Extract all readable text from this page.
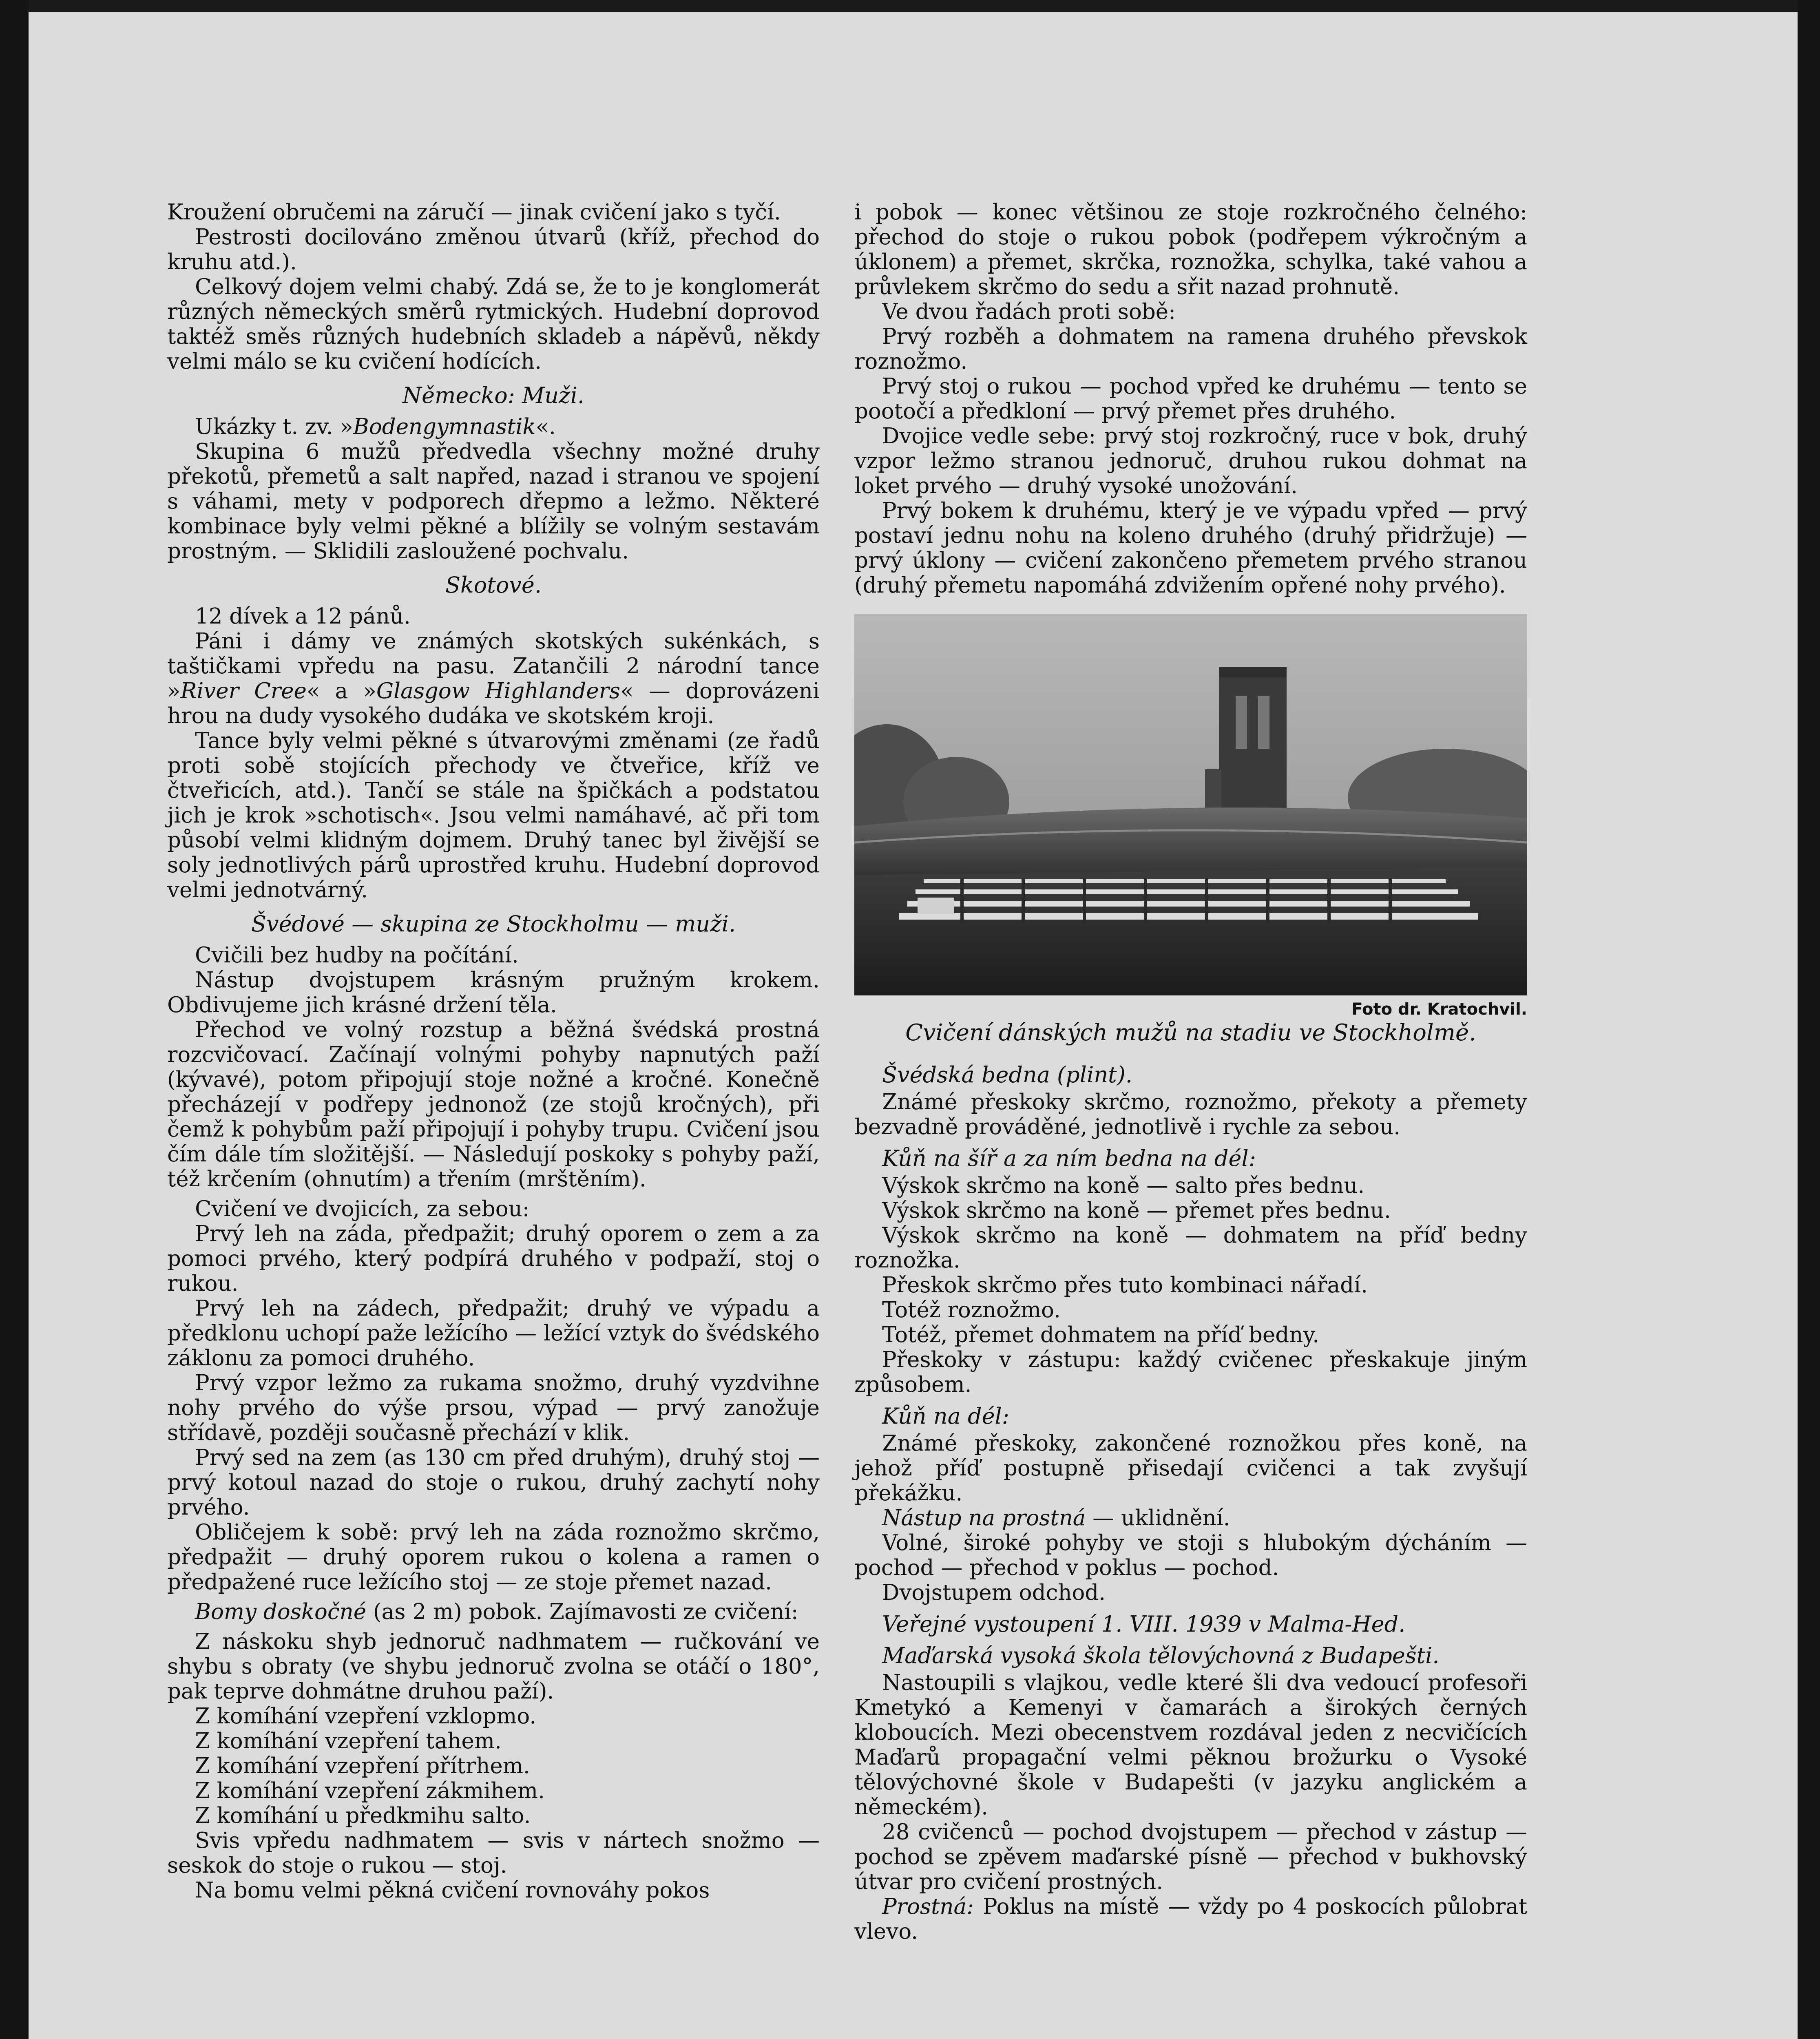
Kroužení obručemi na záručí — jinak cvičení jako s tyčí.

Pestrosti docilováno změnou útvarů (kříž, přechod do kruhu atd.).

Celkový dojem velmi chabý. Zdá se, že to je konglomerát různých německých směrů rytmických. Hudební doprovod taktéž směs různých hudebních skladeb a nápěvů, někdy velmi málo se ku cvičení hodících.

Německo: Muži.

Ukázky t. zv. »Bodengymnastik«.

Skupina 6 mužů předvedla všechny možné druhy překotů, přemetů a salt napřed, nazad i stranou ve spojení s váhami, mety v podporech dřepmo a ležmo. Některé kombinace byly velmi pěkné a blížily se volným sestavám prostným. — Sklidili zasloužené pochvalu.

Skotové.

12 dívek a 12 pánů.

Páni i dámy ve známých skotských sukénkách, s taštičkami vpředu na pasu. Zatančili 2 národní tance »River Cree« a »Glasgow Highlanders« — doprovázeni hrou na dudy vysokého dudáka ve skotském kroji.

Tance byly velmi pěkné s útvarovými změnami (ze řadů proti sobě stojících přechody ve čtveřice, kříž ve čtveřicích, atd.). Tančí se stále na špičkách a podstatou jich je krok »schotisch«. Jsou velmi namáhavé, ač při tom působí velmi klidným dojmem. Druhý tanec byl živější se soly jednotlivých párů uprostřed kruhu. Hudební doprovod velmi jednotvárný.

Švédové — skupina ze Stockholmu — muži.

Cvičili bez hudby na počítání.

Nástup dvojstupem krásným pružným krokem. Obdivujeme jich krásné držení těla.

Přechod ve volný rozstup a běžná švédská prostná rozcvičovací. Začínají volnými pohyby napnutých paží (kývavé), potom připojují stoje nožné a kročné. Konečně přecházejí v podřepy jednonož (ze stojů kročných), při čemž k pohybům paží připojují i pohyby trupu. Cvičení jsou čím dále tím složitější. — Následují poskoky s pohyby paží, též krčením (ohnutím) a třením (mrštěním).

Cvičení ve dvojicích, za sebou:

Prvý leh na záda, předpažit; druhý oporem o zem a za pomoci prvého, který podpírá druhého v podpaží, stoj o rukou.

Prvý leh na zádech, předpažit; druhý ve výpadu a předklonu uchopí paže ležícího — ležící vztyk do švédského záklonu za pomoci druhého.

Prvý vzpor ležmo za rukama snožmo, druhý vyzdvihne nohy prvého do výše prsou, výpad — prvý zanožuje střídavě, později současně přechází v klik.

Prvý sed na zem (as 130 cm před druhým), druhý stoj — prvý kotoul nazad do stoje o rukou, druhý zachytí nohy prvého.

Obličejem k sobě: prvý leh na záda roznožmo skrčmo, předpažit — druhý oporem rukou o kolena a ramen o předpažené ruce ležícího stoj — ze stoje přemet nazad.

Bomy doskočné (as 2 m) pobok. Zajímavosti ze cvičení:

Z náskoku shyb jednoruč nadhmatem — ručkování ve shybu s obraty (ve shybu jednoruč zvolna se otáčí o 180°, pak teprve dohmátne druhou paží).

Z komíhání vzepření vzklopmo.

Z komíhání vzepření tahem.

Z komíhání vzepření přítrhem.

Z komíhání vzepření zákmihem.

Z komíhání u předkmihu salto.

Svis vpředu nadhmatem — svis v nártech snožmo — seskok do stoje o rukou — stoj.

Na bomu velmi pěkná cvičení rovnováhy pokos

i pobok — konec většinou ze stoje rozkročného čelného: přechod do stoje o rukou pobok (podřepem výkročným a úklonem) a přemet, skrčka, roznožka, schylka, také vahou a průvlekem skrčmo do sedu a sřit nazad prohnutě.

Ve dvou řadách proti sobě:

Prvý rozběh a dohmatem na ramena druhého převskok roznožmo.

Prvý stoj o rukou — pochod vpřed ke druhému — tento se pootočí a předkloní — prvý přemet přes druhého.

Dvojice vedle sebe: prvý stoj rozkročný, ruce v bok, druhý vzpor ležmo stranou jednoruč, druhou rukou dohmat na loket prvého — druhý vysoké unožování.

Prvý bokem k druhému, který je ve výpadu vpřed — prvý postaví jednu nohu na koleno druhého (druhý přidržuje) — prvý úklony — cvičení zakončeno přemetem prvého stranou (druhý přemetu napomáhá zdvižením opřené nohy prvého).

Foto dr. Kratochvil.
Cvičení dánských mužů na stadiu ve Stockholmě.
Švédská bedna (plint).

Známé přeskoky skrčmo, roznožmo, překoty a přemety bezvadně prováděné, jednotlivě i rychle za sebou.

Kůň na šíř a za ním bedna na dél:

Výskok skrčmo na koně — salto přes bednu.

Výskok skrčmo na koně — přemet přes bednu.

Výskok skrčmo na koně — dohmatem na příď bedny roznožka.

Přeskok skrčmo přes tuto kombinaci nářadí.

Totéž roznožmo.

Totéž, přemet dohmatem na příď bedny.

Přeskoky v zástupu: každý cvičenec přeskakuje jiným způsobem.

Kůň na dél:

Známé přeskoky, zakončené roznožkou přes koně, na jehož příď postupně přisedají cvičenci a tak zvyšují překážku.

Nástup na prostná — uklidnění.

Volné, široké pohyby ve stoji s hlubokým dýcháním — pochod — přechod v poklus — pochod.

Dvojstupem odchod.

Veřejné vystoupení 1. VIII. 1939 v Malma-Hed.
Maďarská vysoká škola tělovýchovná z Budapešti.

Nastoupili s vlajkou, vedle které šli dva vedoucí profesoři Kmetykó a Kemenyi v čamarách a širokých černých kloboucích. Mezi obecenstvem rozdával jeden z necvičících Maďarů propagační velmi pěknou brožurku o Vysoké tělovýchovné škole v Budapešti (v jazyku anglickém a německém).

28 cvičenců — pochod dvojstupem — přechod v zástup — pochod se zpěvem maďarské písně — přechod v bukhovský útvar pro cvičení prostných.

Prostná: Poklus na místě — vždy po 4 poskocích půlobrat vlevo.
